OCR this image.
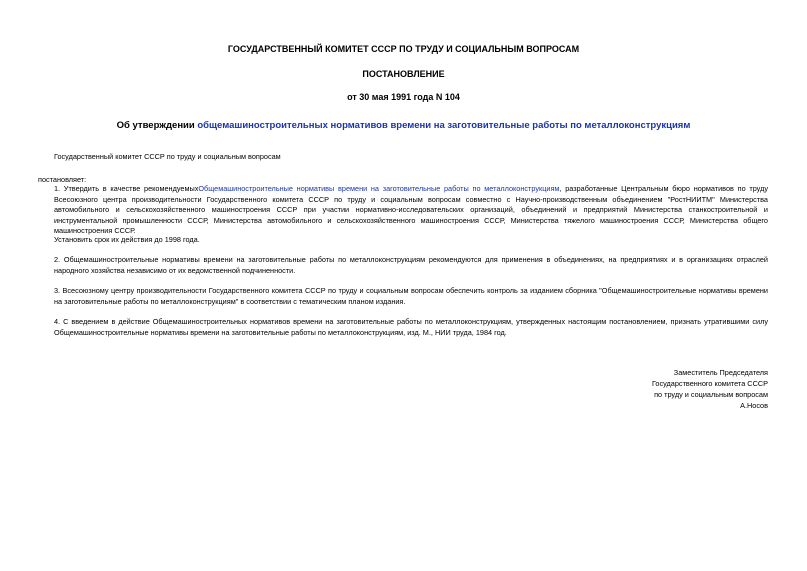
ГОСУДАРСТВЕННЫЙ КОМИТЕТ СССР ПО ТРУДУ И СОЦИАЛЬНЫМ ВОПРОСАМ
ПОСТАНОВЛЕНИЕ
от 30 мая 1991 года N 104
Об утверждении общемашиностроительных нормативов времени на заготовительные работы по металлоконструкциям
Государственный комитет СССР по труду и социальным вопросам
постановляет:
1. Утвердить в качестве рекомендуемыхОбщемашиностроительные нормативы времени на заготовительные работы по металлоконструкциям, разработанные Центральным бюро нормативов по труду Всесоюзного центра производительности Государственного комитета СССР по труду и социальным вопросам совместно с Научно-производственным объединением "РостНИИТМ" Министерства автомобильного и сельскохозяйственного машиностроения СССР при участии нормативно-исследовательских организаций, объединений и предприятий Министерства станкостроительной и инструментальной промышленности СССР, Министерства автомобильного и сельскохозяйственного машиностроения СССР, Министерства тяжелого машиностроения СССР, Министерства общего машиностроения СССР.
Установить срок их действия до 1998 года.
2. Общемашиностроительные нормативы времени на заготовительные работы по металлоконструкциям рекомендуются для применения в объединениях, на предприятиях и в организациях отраслей народного хозяйства независимо от их ведомственной подчиненности.
3. Всесоюзному центру производительности Государственного комитета СССР по труду и социальным вопросам обеспечить контроль за изданием сборника "Общемашиностроительные нормативы времени на заготовительные работы по металлоконструкциям" в соответствии с тематическим планом издания.
4. С введением в действие Общемашиностроительных нормативов времени на заготовительные работы по металлоконструкциям, утвержденных настоящим постановлением, признать утратившими силу Общемашиностроительные нормативы времени на заготовительные работы по металлоконструкциям, изд. М., НИИ труда, 1984 год.
Заместитель Председателя
Государственного комитета СССР
по труду и социальным вопросам
А.Носов
